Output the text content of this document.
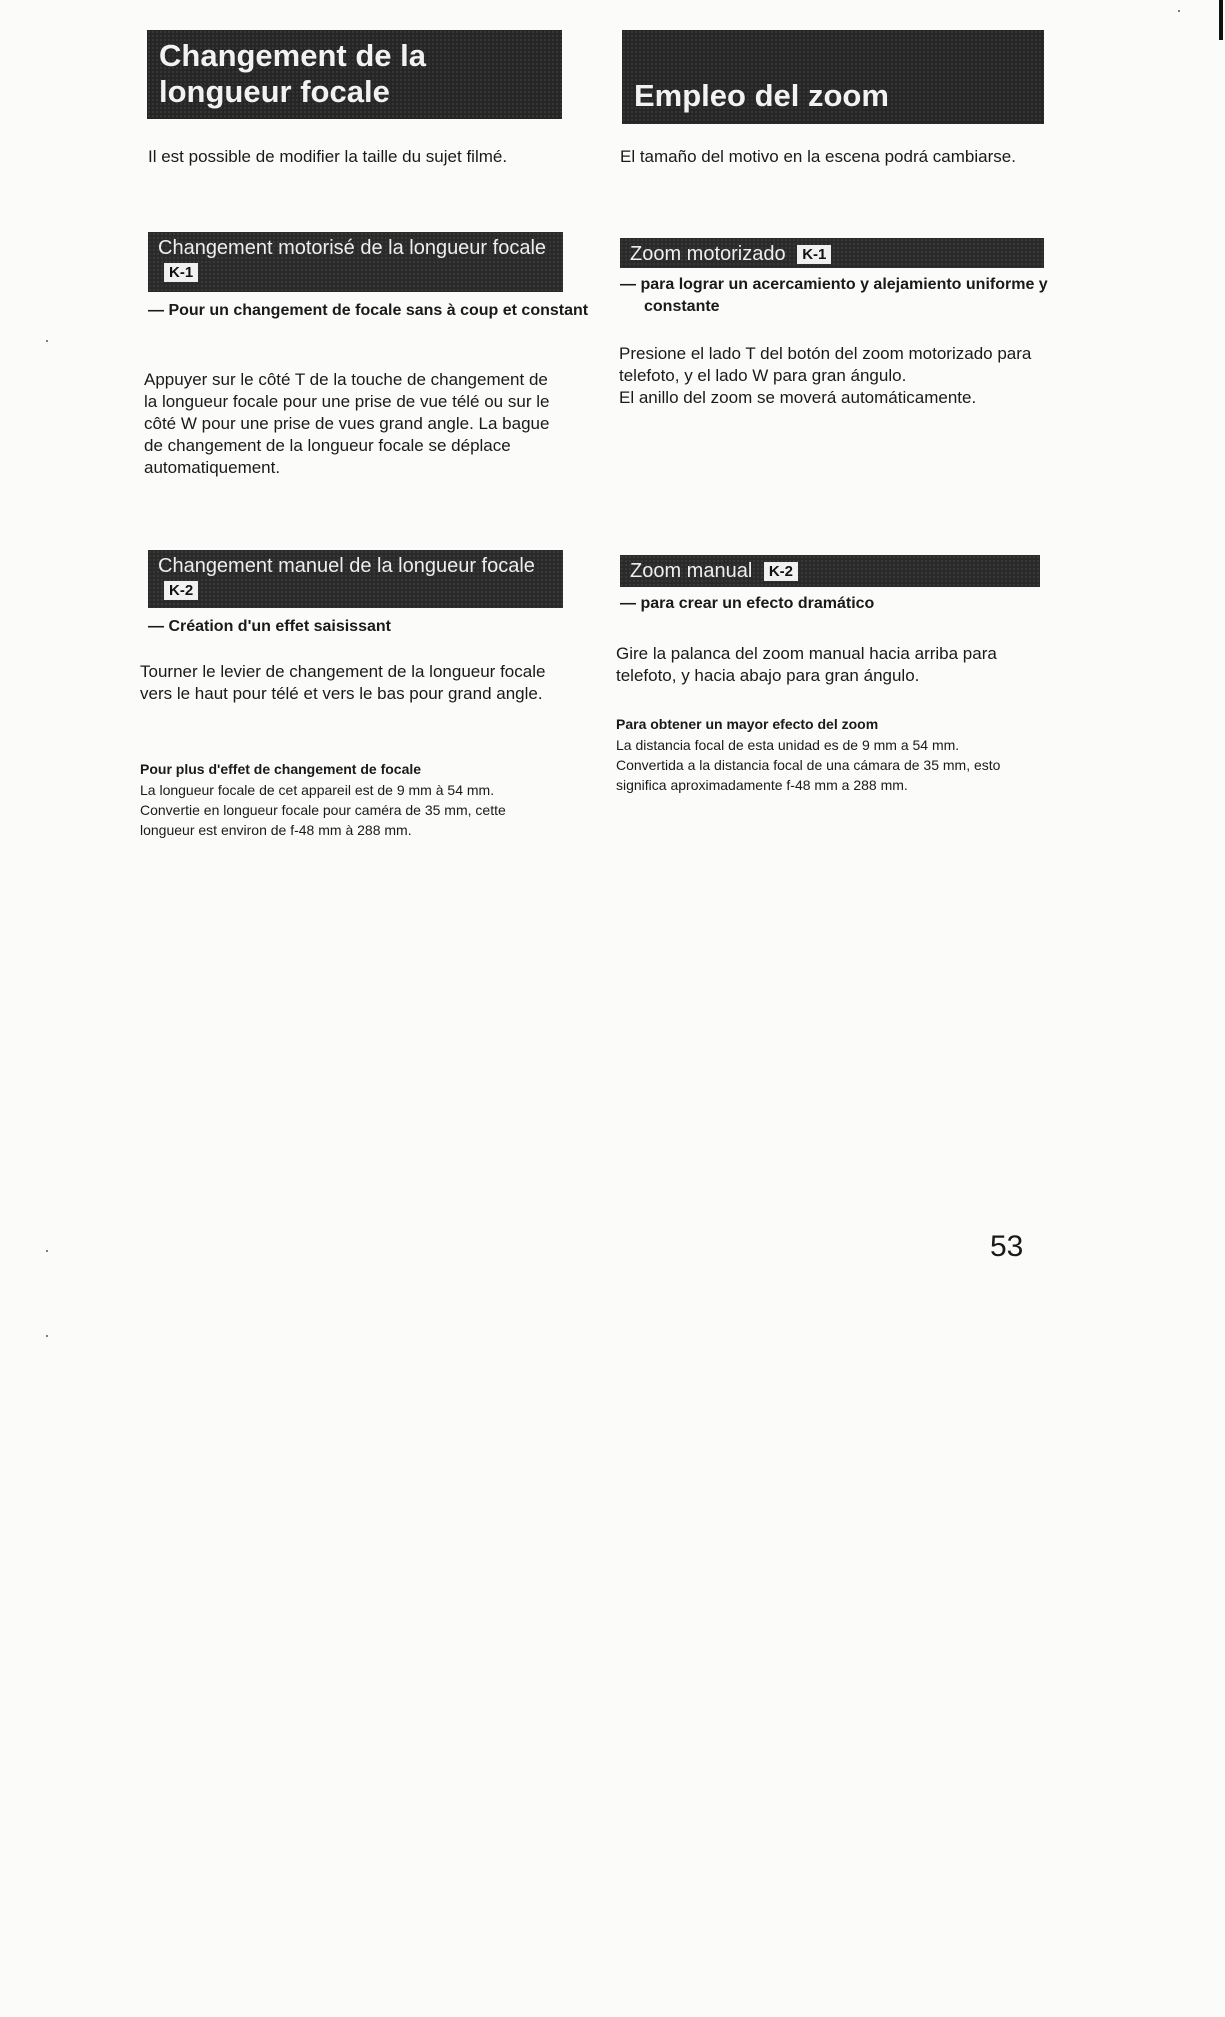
Changement de la longueur focale

Il est possible de modifier la taille du sujet filmé.

Changement motorisé de la longueur focale K-1

— Pour un changement de focale sans à coup et constant

Appuyer sur le côté T de la touche de changement de la longueur focale pour une prise de vue télé ou sur le côté W pour une prise de vues grand angle. La bague de changement de la longueur focale se déplace automatiquement.

Changement manuel de la longueur focale K-2

— Création d'un effet saisissant

Tourner le levier de changement de la longueur focale vers le haut pour télé et vers le bas pour grand angle.

Pour plus d'effet de changement de focale

La longueur focale de cet appareil est de 9 mm à 54 mm. Convertie en longueur focale pour caméra de 35 mm, cette longueur est environ de f-48 mm à 288 mm.

Empleo del zoom

El tamaño del motivo en la escena podrá cambiarse.

Zoom motorizado K-1

— para lograr un acercamiento y alejamiento uniforme y constante

Presione el lado T del botón del zoom motorizado para telefoto, y el lado W para gran ángulo.
El anillo del zoom se moverá automáticamente.

Zoom manual K-2

— para crear un efecto dramático

Gire la palanca del zoom manual hacia arriba para telefoto, y hacia abajo para gran ángulo.

Para obtener un mayor efecto del zoom

La distancia focal de esta unidad es de 9 mm a 54 mm.
Convertida a la distancia focal de una cámara de 35 mm, esto significa aproximadamente f-48 mm a 288 mm.

53
